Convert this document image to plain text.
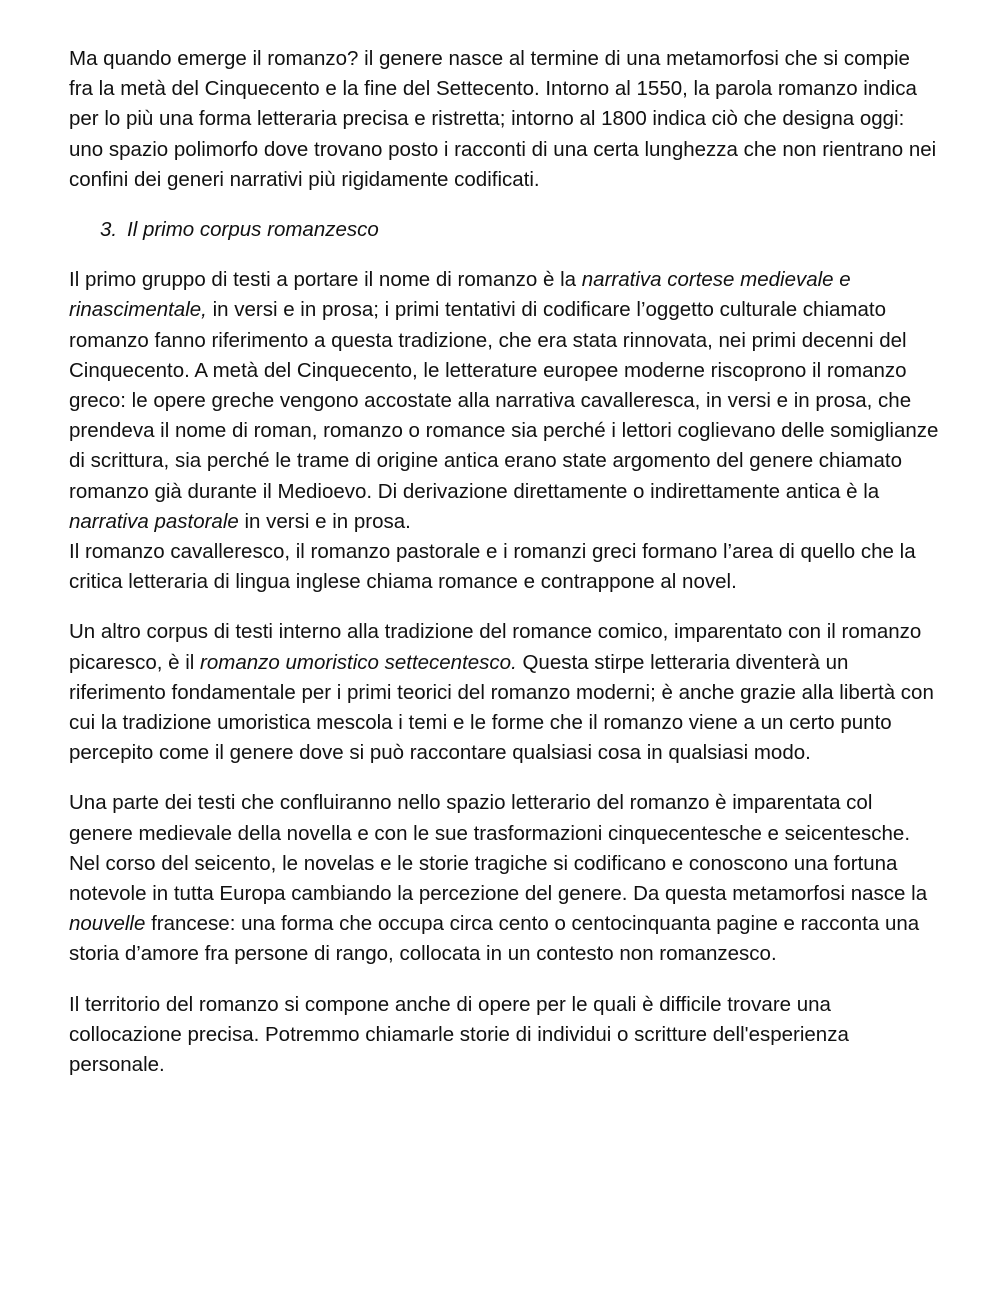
Ma quando emerge il romanzo? il genere nasce al termine di una metamorfosi che si compie fra la metà del Cinquecento e la fine del Settecento. Intorno al 1550, la parola romanzo indica per lo più una forma letteraria precisa e ristretta; intorno al 1800 indica ciò che designa oggi: uno spazio polimorfo dove trovano posto i racconti di una certa lunghezza che non rientrano nei confini dei generi narrativi più rigidamente codificati.

3. Il primo corpus romanzesco

Il primo gruppo di testi a portare il nome di romanzo è la narrativa cortese medievale e rinascimentale, in versi e in prosa; i primi tentativi di codificare l’oggetto culturale chiamato romanzo fanno riferimento a questa tradizione, che era stata rinnovata, nei primi decenni del Cinquecento. A metà del Cinquecento, le letterature europee moderne riscoprono il romanzo greco: le opere greche vengono accostate alla narrativa cavalleresca, in versi e in prosa, che prendeva il nome di roman, romanzo o romance sia perché i lettori coglievano delle somiglianze di scrittura, sia perché le trame di origine antica erano state argomento del genere chiamato romanzo già durante il Medioevo. Di derivazione direttamente o indirettamente antica è la narrativa pastorale in versi e in prosa.

Il romanzo cavalleresco, il romanzo pastorale e i romanzi greci formano l’area di quello che la critica letteraria di lingua inglese chiama romance e contrappone al novel.

Un altro corpus di testi interno alla tradizione del romance comico, imparentato con il romanzo picaresco, è il romanzo umoristico settecentesco. Questa stirpe letteraria diventerà un riferimento fondamentale per i primi teorici del romanzo moderni; è anche grazie alla libertà con cui la tradizione umoristica mescola i temi e le forme che il romanzo viene a un certo punto percepito come il genere dove si può raccontare qualsiasi cosa in qualsiasi modo.

Una parte dei testi che confluiranno nello spazio letterario del romanzo è imparentata col genere medievale della novella e con le sue trasformazioni cinquecentesche e seicentesche. Nel corso del seicento, le novelas e le storie tragiche si codificano e conoscono una fortuna notevole in tutta Europa cambiando la percezione del genere. Da questa metamorfosi nasce la nouvelle francese: una forma che occupa circa cento o centocinquanta pagine e racconta una storia d’amore fra persone di rango, collocata in un contesto non romanzesco.

Il territorio del romanzo si compone anche di opere per le quali è difficile trovare una collocazione precisa. Potremmo chiamarle storie di individui o scritture dell'esperienza personale.
